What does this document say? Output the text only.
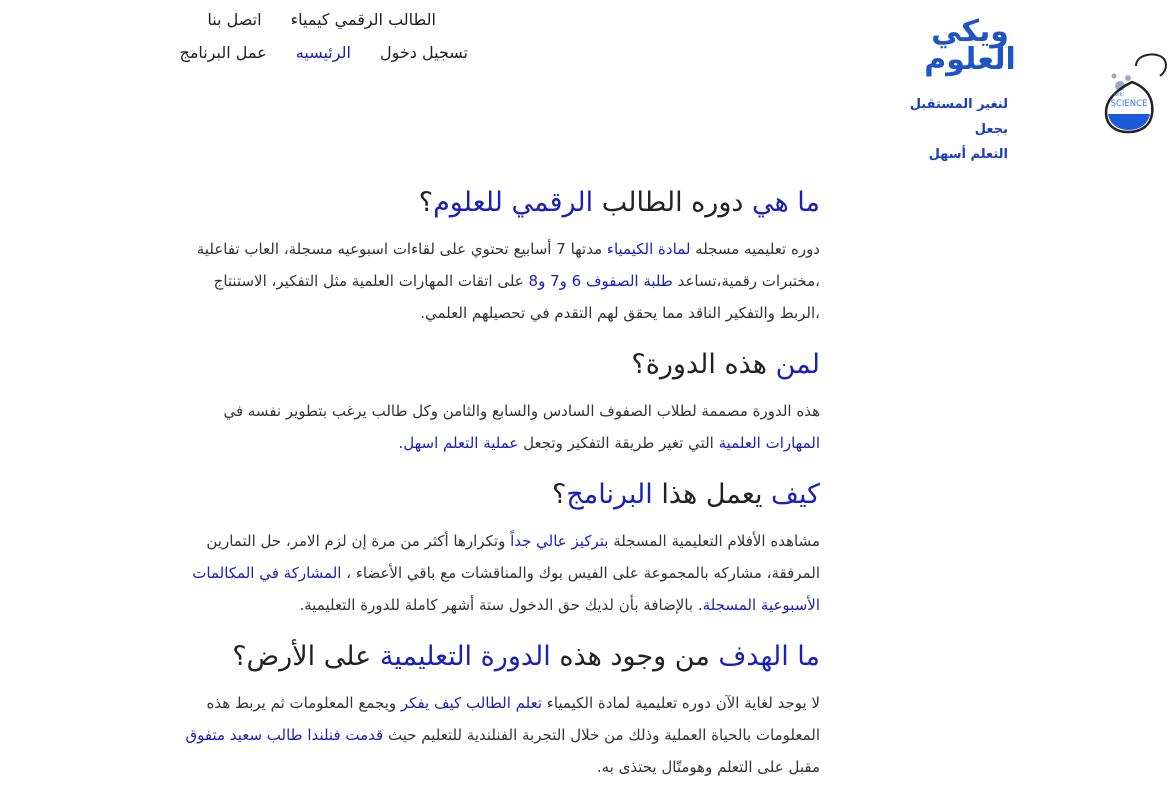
SCIENCE
wiki
ويكي
العلوم
لنغير المستقبل بجعل
التعلم أسهل
الطالب الرقمي كيمياء اتصل بنا
تسجيل دخول الرئيسيه عمل البرنامج
ما هي دوره الطالب الرقمي للعلوم؟

دوره تعليميه مسجله لمادة الكيمياء مدتها 7 أسابيع تحتوي على لقاءات اسبوعيه مسجلة، العاب تفاعلية ،مختبرات رقمية،تساعد طلبة الصفوف 6 و7 و8 على اتقات المهارات العلمية مثل التفكير، الاستنتاج ،الربط والتفكير الناقد مما يحقق لهم التقدم في تحصيلهم العلمي.

لمن هذه الدورة؟

هذه الدورة مصممة لطلاب الصفوف السادس والسابع والثامن وكل طالب يرغب بتطوير نفسه في المهارات العلمية التي تغير طريقة التفكير وتجعل عملية التعلم اسهل.

كيف يعمل هذا البرنامج؟

مشاهده الأفلام التعليمية المسجلة بتركيز عالي جداً وتكرارها أكثر من مرة إن لزم الامر، حل التمارين المرفقة، مشاركه بالمجموعة على الفيس بوك والمناقشات مع باقي الأعضاء ، المشاركة في المكالمات الأسبوعية المسجلة. بالإضافة بأن لديك حق الدخول ستة أشهر كاملة للدورة التعليمية.

ما الهدف من وجود هذه الدورة التعليمية على الأرض؟

لا يوجد لغاية الآن دوره تعليمية لمادة الكيمياء تعلم الطالب كيف يفكر ويجمع المعلومات ثم يربط هذه المعلومات بالحياة العملية وذلك من خلال التجربة الفنلندية للتعليم حيث قدمت فنلندا طالب سعيد متفوق مقبل على التعلم وهومتّال يحتذى به.
